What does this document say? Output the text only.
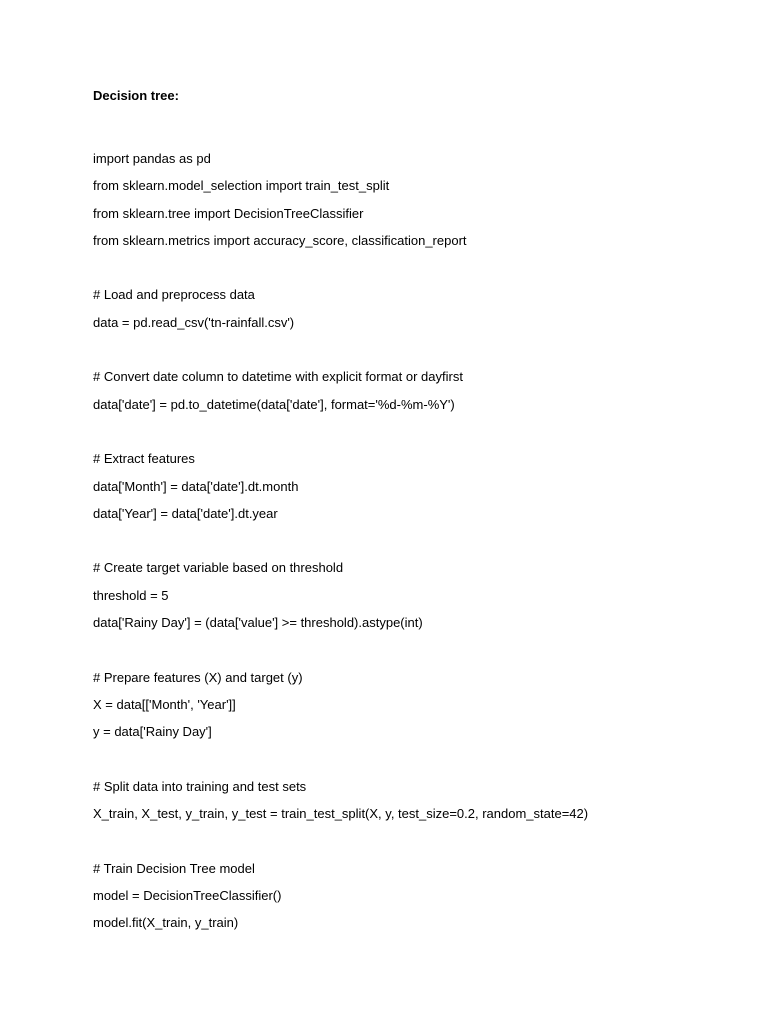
Decision tree:
import pandas as pd
from sklearn.model_selection import train_test_split
from sklearn.tree import DecisionTreeClassifier
from sklearn.metrics import accuracy_score, classification_report
# Load and preprocess data
data = pd.read_csv('tn-rainfall.csv')
# Convert date column to datetime with explicit format or dayfirst
data['date'] = pd.to_datetime(data['date'], format='%d-%m-%Y')
# Extract features
data['Month'] = data['date'].dt.month
data['Year'] = data['date'].dt.year
# Create target variable based on threshold
threshold = 5
data['Rainy Day'] = (data['value'] >= threshold).astype(int)
# Prepare features (X) and target (y)
X = data[['Month', 'Year']]
y = data['Rainy Day']
# Split data into training and test sets
X_train, X_test, y_train, y_test = train_test_split(X, y, test_size=0.2, random_state=42)
# Train Decision Tree model
model = DecisionTreeClassifier()
model.fit(X_train, y_train)
